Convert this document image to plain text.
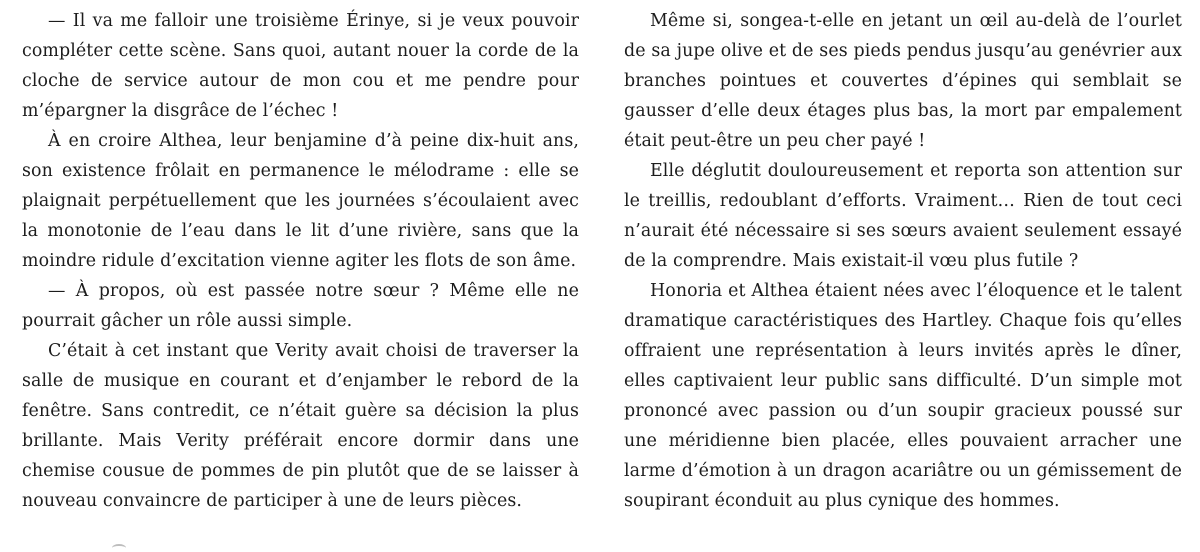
— Il va me falloir une troisième Érinye, si je veux pouvoir compléter cette scène. Sans quoi, autant nouer la corde de la cloche de service autour de mon cou et me pendre pour m’épargner la disgrâce de l’échec !

À en croire Althea, leur benjamine d’à peine dix-huit ans, son existence frôlait en permanence le mélodrame : elle se plaignait perpétuellement que les journées s’écoulaient avec la monotonie de l’eau dans le lit d’une rivière, sans que la moindre ridule d’excitation vienne agiter les flots de son âme.

— À propos, où est passée notre sœur ? Même elle ne pourrait gâcher un rôle aussi simple.

C’était à cet instant que Verity avait choisi de traverser la salle de musique en courant et d’enjamber le rebord de la fenêtre. Sans contredit, ce n’était guère sa décision la plus brillante. Mais Verity préférait encore dormir dans une chemise cousue de pommes de pin plutôt que de se laisser à nouveau convaincre de participer à une de leurs pièces.

Même si, songea-t-elle en jetant un œil au-delà de l’ourlet de sa jupe olive et de ses pieds pendus jusqu’au genévrier aux branches pointues et couvertes d’épines qui semblait se gausser d’elle deux étages plus bas, la mort par empalement était peut-être un peu cher payé !

Elle déglutit douloureusement et reporta son attention sur le treillis, redoublant d’efforts. Vraiment… Rien de tout ceci n’aurait été nécessaire si ses sœurs avaient seulement essayé de la comprendre. Mais existait-il vœu plus futile ?

Honoria et Althea étaient nées avec l’éloquence et le talent dramatique caractéristiques des Hartley. Chaque fois qu’elles offraient une représentation à leurs invités après le dîner, elles captivaient leur public sans difficulté. D’un simple mot prononcé avec passion ou d’un soupir gracieux poussé sur une méridienne bien placée, elles pouvaient arracher une larme d’émotion à un dragon acariâtre ou un gémissement de soupirant éconduit au plus cynique des hommes.
